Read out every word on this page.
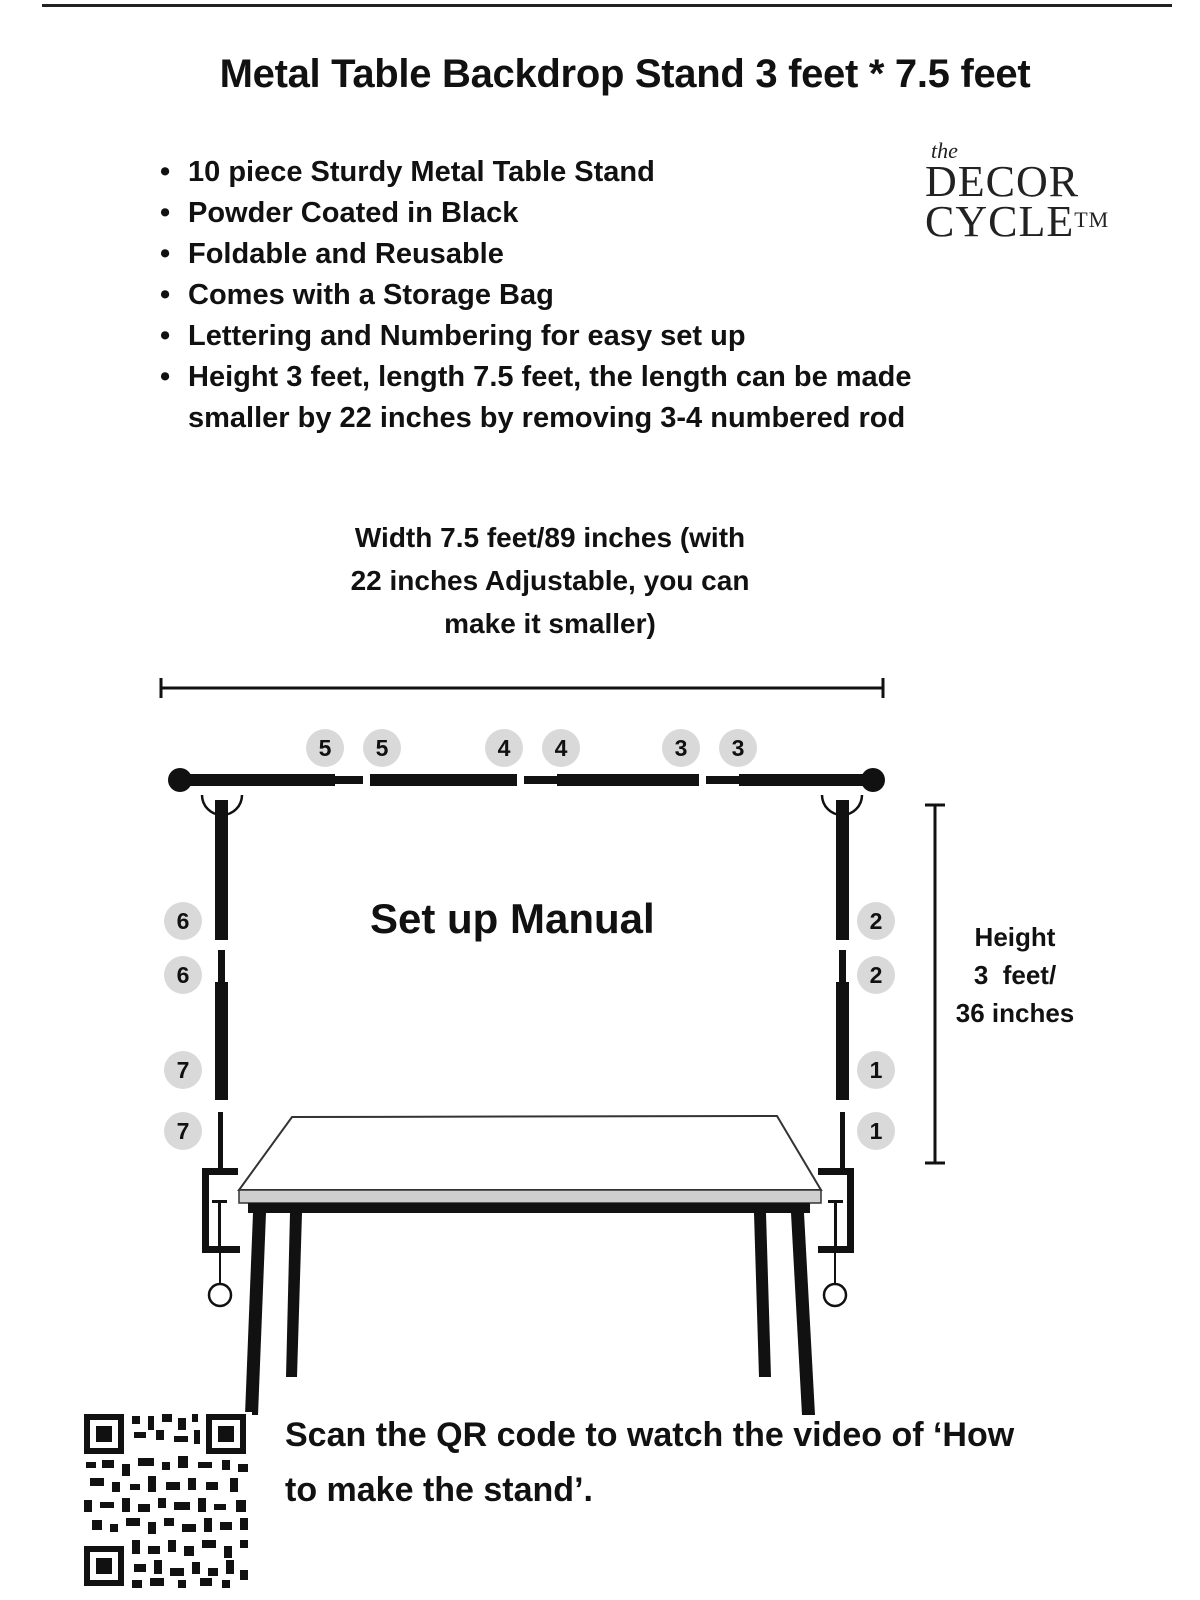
Metal Table Backdrop Stand 3 feet * 7.5 feet
• 10 piece Sturdy Metal Table Stand
• Powder Coated in Black
• Foldable and Reusable
• Comes with a Storage Bag
• Lettering and Numbering for easy set up
• Height 3 feet, length 7.5 feet, the length can be made smaller by 22 inches by removing 3-4 numbered rod
the
DECOR
CYCLE™
Width 7.5 feet/89 inches (with
22 inches Adjustable, you can
make it smaller)
5 5	4 4	3 3
6
6
7
7
2
2
1
1
Set up Manual	Height
3  feet/
36 inches
Scan the QR code to watch the video of ‘How
to make the stand’.
